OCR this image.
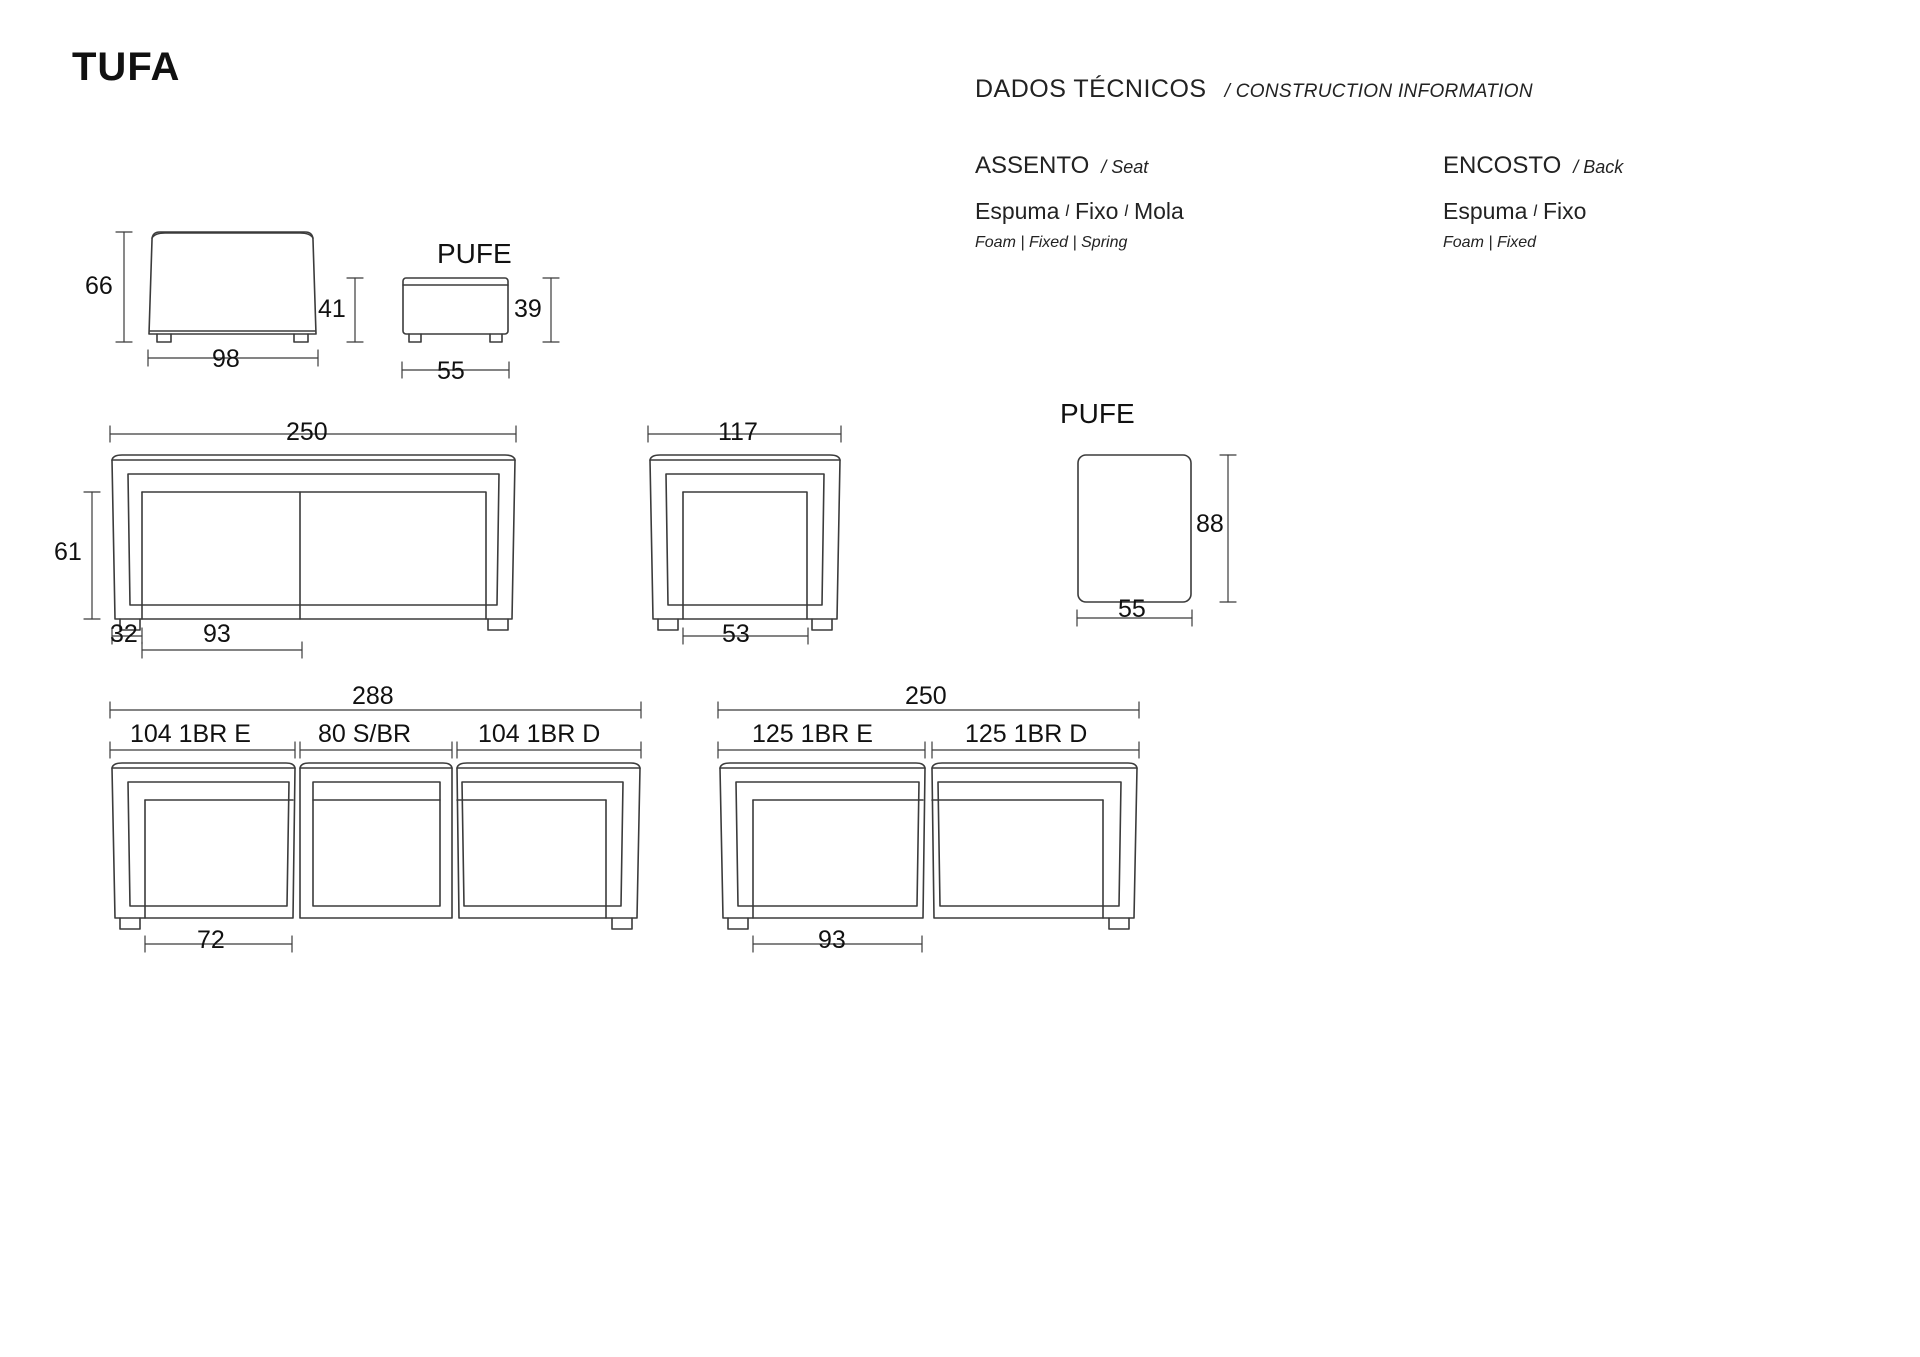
TUFA	DADOS TÉCNICOS / CONSTRUCTION INFORMATION
ASSENTO / Seat
Espuma l Fixo l Mola
Foam | Fixed | Spring
ENCOSTO / Back
Espuma l Fixo
Foam | Fixed
66
98
PUFE
41	39
55
250
61
32	93
117
53
PUFE
88
55
288
104 1BR E	80 S/BR	104 1BR D
72
250
125 1BR E	125 1BR D
93
